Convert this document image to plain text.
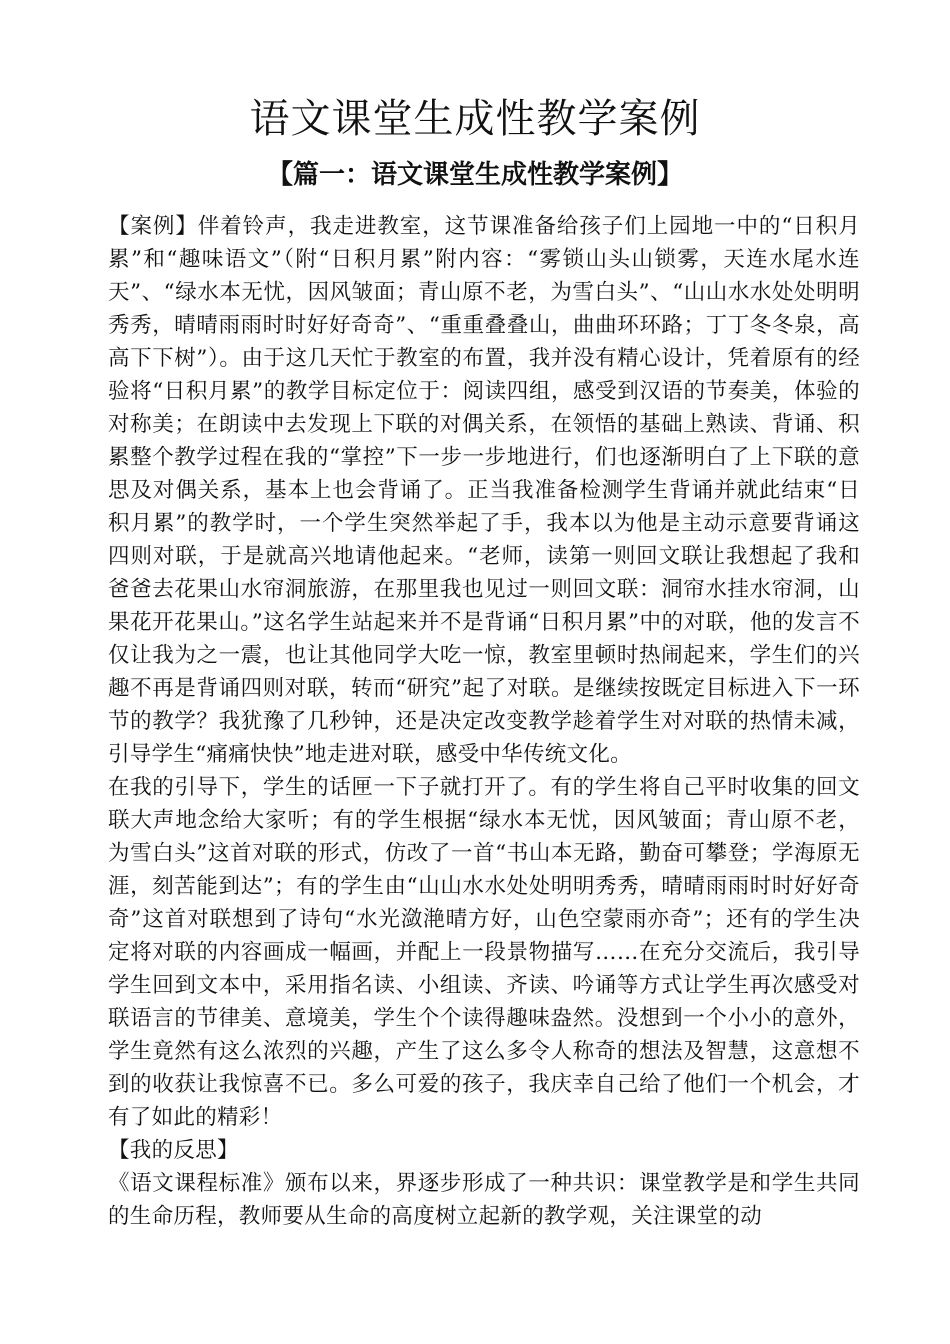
语文课堂生成性教学案例
【篇一：语文课堂生成性教学案例】

【案例】伴着铃声，我走进教室，这节课准备给孩子们上园地一中的“日积月累”和“趣味语文”（附“日积月累”附内容：“雾锁山头山锁雾，天连水尾水连天”、“绿水本无忧，因风皱面；青山原不老，为雪白头”、“山山水水处处明明秀秀，晴晴雨雨时时好好奇奇”、“重重叠叠山，曲曲环环路；丁丁冬冬泉，高高下下树”）。由于这几天忙于教室的布置，我并没有精心设计，凭着原有的经验将“日积月累”的教学目标定位于：阅读四组，感受到汉语的节奏美，体验的对称美；在朗读中去发现上下联的对偶关系，在领悟的基础上熟读、背诵、积累整个教学过程在我的“掌控”下一步一步地进行，们也逐渐明白了上下联的意思及对偶关系，基本上也会背诵了。正当我准备检测学生背诵并就此结束“日积月累”的教学时，一个学生突然举起了手，我本以为他是主动示意要背诵这四则对联，于是就高兴地请他起来。“老师，读第一则回文联让我想起了我和爸爸去花果山水帘洞旅游，在那里我也见过一则回文联：洞帘水挂水帘洞，山果花开花果山。”这名学生站起来并不是背诵“日积月累”中的对联，他的发言不仅让我为之一震，也让其他同学大吃一惊，教室里顿时热闹起来，学生们的兴趣不再是背诵四则对联，转而“研究”起了对联。是继续按既定目标进入下一环节的教学？我犹豫了几秒钟，还是决定改变教学趁着学生对对联的热情未减，引导学生“痛痛快快”地走进对联，感受中华传统文化。

在我的引导下，学生的话匣一下子就打开了。有的学生将自己平时收集的回文联大声地念给大家听；有的学生根据“绿水本无忧，因风皱面；青山原不老，为雪白头”这首对联的形式，仿改了一首“书山本无路，勤奋可攀登；学海原无涯，刻苦能到达”；有的学生由“山山水水处处明明秀秀，晴晴雨雨时时好好奇奇”这首对联想到了诗句“水光潋滟晴方好，山色空蒙雨亦奇”；还有的学生决定将对联的内容画成一幅画，并配上一段景物描写……在充分交流后，我引导学生回到文本中，采用指名读、小组读、齐读、吟诵等方式让学生再次感受对联语言的节律美、意境美，学生个个读得趣味盎然。没想到一个小小的意外，学生竟然有这么浓烈的兴趣，产生了这么多令人称奇的想法及智慧，这意想不到的收获让我惊喜不已。多么可爱的孩子，我庆幸自己给了他们一个机会，才有了如此的精彩！

【我的反思】

《语文课程标准》颁布以来，界逐步形成了一种共识：课堂教学是和学生共同的生命历程，教师要从生命的高度树立起新的教学观，关注课堂的动
